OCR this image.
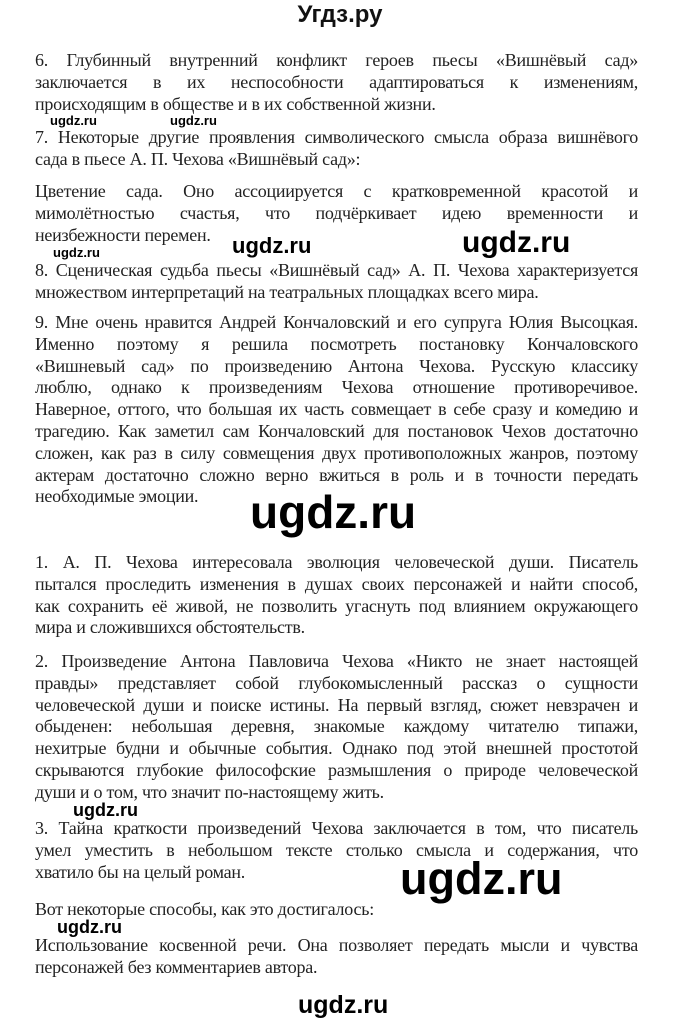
Угдз.ру
6. Глубинный внутренний конфликт героев пьесы «Вишнёвый сад»
заключается в их неспособности адаптироваться к изменениям,
происходящим в обществе и в их собственной жизни.
7. Некоторые другие проявления символического смысла образа вишнёвого
сада в пьесе А. П. Чехова «Вишнёвый сад»:
Цветение сада. Оно ассоциируется с кратковременной красотой и
мимолётностью счастья, что подчёркивает идею временности и
неизбежности перемен.
8. Сценическая судьба пьесы «Вишнёвый сад» А. П. Чехова характеризуется
множеством интерпретаций на театральных площадках всего мира.
9. Мне очень нравится Андрей Кончаловский и его супруга Юлия Высоцкая.
Именно поэтому я решила посмотреть постановку Кончаловского
«Вишневый сад» по произведению Антона Чехова. Русскую классику
люблю, однако к произведениям Чехова отношение противоречивое.
Наверное, оттого, что большая их часть совмещает в себе сразу и комедию и
трагедию. Как заметил сам Кончаловский для постановок Чехов достаточно
сложен, как раз в силу совмещения двух противоположных жанров, поэтому
актерам достаточно сложно верно вжиться в роль и в точности передать
необходимые эмоции.
1. А. П. Чехова интересовала эволюция человеческой души. Писатель
пытался проследить изменения в душах своих персонажей и найти способ,
как сохранить её живой, не позволить угаснуть под влиянием окружающего
мира и сложившихся обстоятельств.
2. Произведение Антона Павловича Чехова «Никто не знает настоящей
правды» представляет собой глубокомысленный рассказ о сущности
человеческой души и поиске истины. На первый взгляд, сюжет невзрачен и
обыденен: небольшая деревня, знакомые каждому читателю типажи,
нехитрые будни и обычные события. Однако под этой внешней простотой
скрываются глубокие философские размышления о природе человеческой
души и о том, что значит по-настоящему жить.
3. Тайна краткости произведений Чехова заключается в том, что писатель
умел уместить в небольшом тексте столько смысла и содержания, что
хватило бы на целый роман.
Вот некоторые способы, как это достигалось:
Использование косвенной речи. Она позволяет передать мысли и чувства
персонажей без комментариев автора.
ugdz.ru	ugdz.ru
ugdz.ru	ugdz.ru	ugdz.ru
ugdz.ru
ugdz.ru
ugdz.ru
ugdz.ru
ugdz.ru
